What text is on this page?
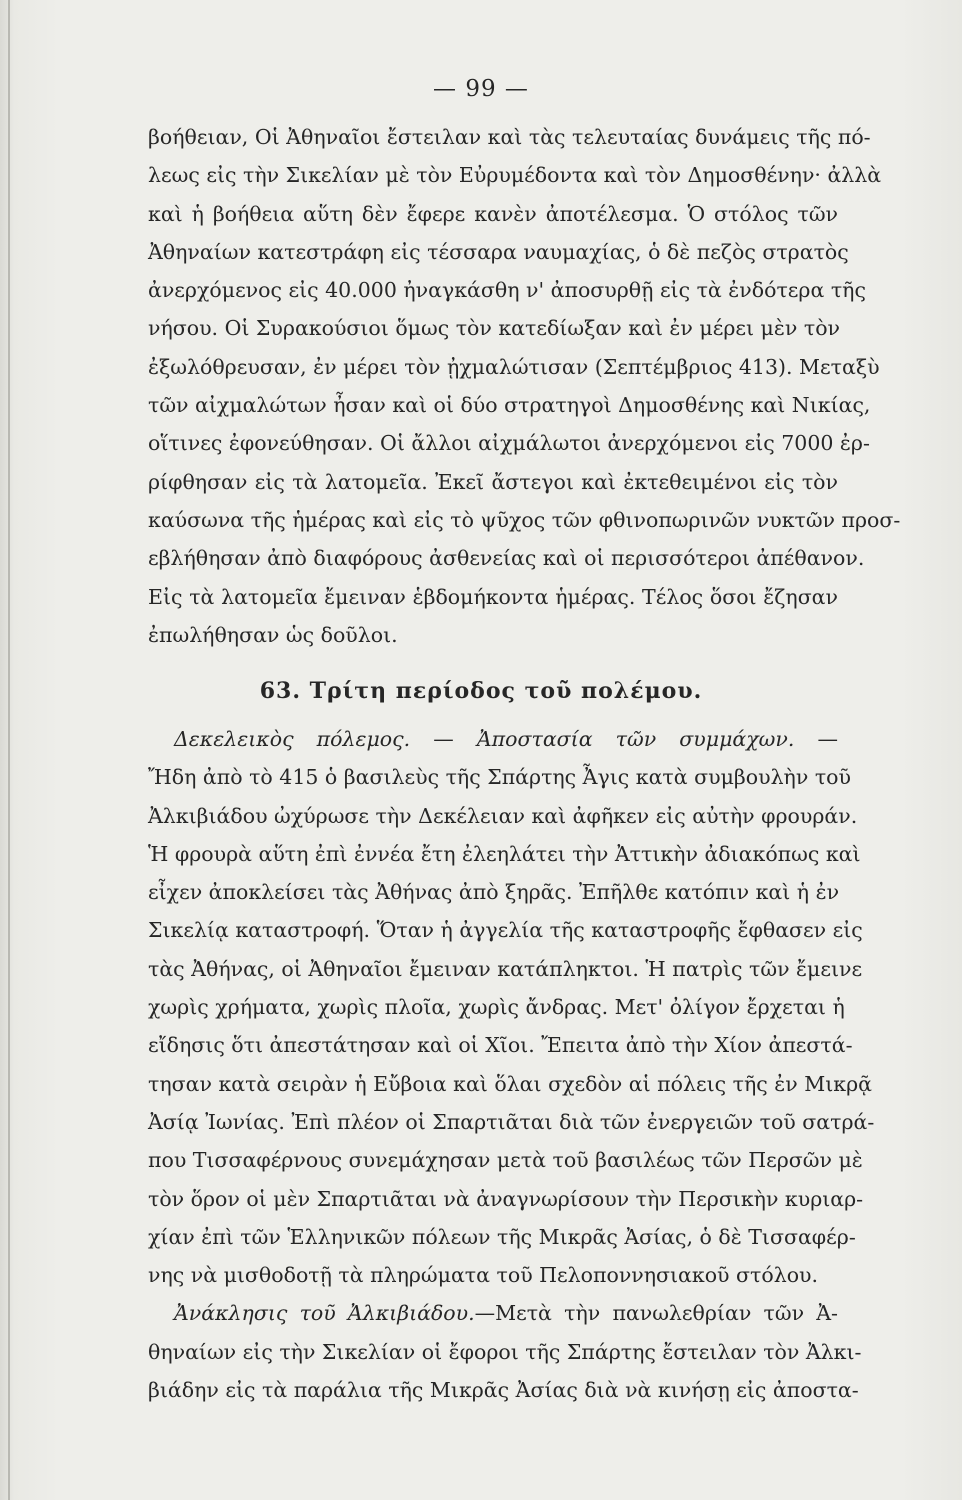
— 99 —
βοήθειαν, Οἱ Ἀθηναῖοι ἔστειλαν καὶ τὰς τελευταίας δυνάμεις τῆς πό-
λεως εἰς τὴν Σικελίαν μὲ τὸν Εὐρυμέδοντα καὶ τὸν Δημοσθένην· ἀλλὰ
καὶ ἡ βοήθεια αὕτη δὲν ἔφερε κανὲν ἀποτέλεσμα. Ὁ στόλος τῶν
Ἀθηναίων κατεστράφη εἰς τέσσαρα ναυμαχίας, ὁ δὲ πεζὸς στρατὸς
ἀνερχόμενος εἰς 40.000 ἠναγκάσθη ν' ἀποσυρθῇ εἰς τὰ ἐνδότερα τῆς
νήσου. Οἱ Συρακούσιοι ὅμως τὸν κατεδίωξαν καὶ ἐν μέρει μὲν τὸν
ἐξωλόθρευσαν, ἐν μέρει τὸν ᾐχμαλώτισαν (Σεπτέμβριος 413). Μεταξὺ
τῶν αἰχμαλώτων ἦσαν καὶ οἱ δύο στρατηγοὶ Δημοσθένης καὶ Νικίας,
οἵτινες ἐφονεύθησαν. Οἱ ἄλλοι αἰχμάλωτοι ἀνερχόμενοι εἰς 7000 ἐρ-
ρίφθησαν εἰς τὰ λατομεῖα. Ἐκεῖ ἄστεγοι καὶ ἐκτεθειμένοι εἰς τὸν
καύσωνα τῆς ἡμέρας καὶ εἰς τὸ ψῦχος τῶν φθινοπωρινῶν νυκτῶν προσ-
εβλήθησαν ἀπὸ διαφόρους ἀσθενείας καὶ οἱ περισσότεροι ἀπέθανον.
Εἰς τὰ λατομεῖα ἔμειναν ἑβδομήκοντα ἡμέρας. Τέλος ὅσοι ἔζησαν
ἐπωλήθησαν ὡς δοῦλοι.
63. Τρίτη περίοδος τοῦ πολέμου.
Δεκελεικὸς πόλεμος. — Ἀποστασία τῶν συμμάχων. —
Ἤδη ἀπὸ τὸ 415 ὁ βασιλεὺς τῆς Σπάρτης Ἆγις κατὰ συμβουλὴν τοῦ
Ἀλκιβιάδου ὠχύρωσε τὴν Δεκέλειαν καὶ ἀφῆκεν εἰς αὐτὴν φρουράν.
Ἡ φρουρὰ αὕτη ἐπὶ ἐννέα ἔτη ἐλεηλάτει τὴν Ἀττικὴν ἀδιακόπως καὶ
εἶχεν ἀποκλείσει τὰς Ἀθήνας ἀπὸ ξηρᾶς. Ἐπῆλθε κατόπιν καὶ ἡ ἐν
Σικελίᾳ καταστροφή. Ὅταν ἡ ἀγγελία τῆς καταστροφῆς ἔφθασεν εἰς
τὰς Ἀθήνας, οἱ Ἀθηναῖοι ἔμειναν κατάπληκτοι. Ἡ πατρὶς τῶν ἔμεινε
χωρὶς χρήματα, χωρὶς πλοῖα, χωρὶς ἄνδρας. Μετ' ὀλίγον ἔρχεται ἡ
εἴδησις ὅτι ἀπεστάτησαν καὶ οἱ Χῖοι. Ἔπειτα ἀπὸ τὴν Χίον ἀπεστά-
τησαν κατὰ σειρὰν ἡ Εὔβοια καὶ ὅλαι σχεδὸν αἱ πόλεις τῆς ἐν Μικρᾷ
Ἀσίᾳ Ἰωνίας. Ἐπὶ πλέον οἱ Σπαρτιᾶται διὰ τῶν ἐνεργειῶν τοῦ σατρά-
που Τισσαφέρνους συνεμάχησαν μετὰ τοῦ βασιλέως τῶν Περσῶν μὲ
τὸν ὅρον οἱ μὲν Σπαρτιᾶται νὰ ἀναγνωρίσουν τὴν Περσικὴν κυριαρ-
χίαν ἐπὶ τῶν Ἑλληνικῶν πόλεων τῆς Μικρᾶς Ἀσίας, ὁ δὲ Τισσαφέρ-
νης νὰ μισθοδοτῇ τὰ πληρώματα τοῦ Πελοποννησιακοῦ στόλου.
Ἀνάκλησις τοῦ Ἀλκιβιάδου.—Μετὰ τὴν πανωλεθρίαν τῶν Ἀ-
θηναίων εἰς τὴν Σικελίαν οἱ ἔφοροι τῆς Σπάρτης ἔστειλαν τὸν Ἀλκι-
βιάδην εἰς τὰ παράλια τῆς Μικρᾶς Ἀσίας διὰ νὰ κινήσῃ εἰς ἀποστα-
